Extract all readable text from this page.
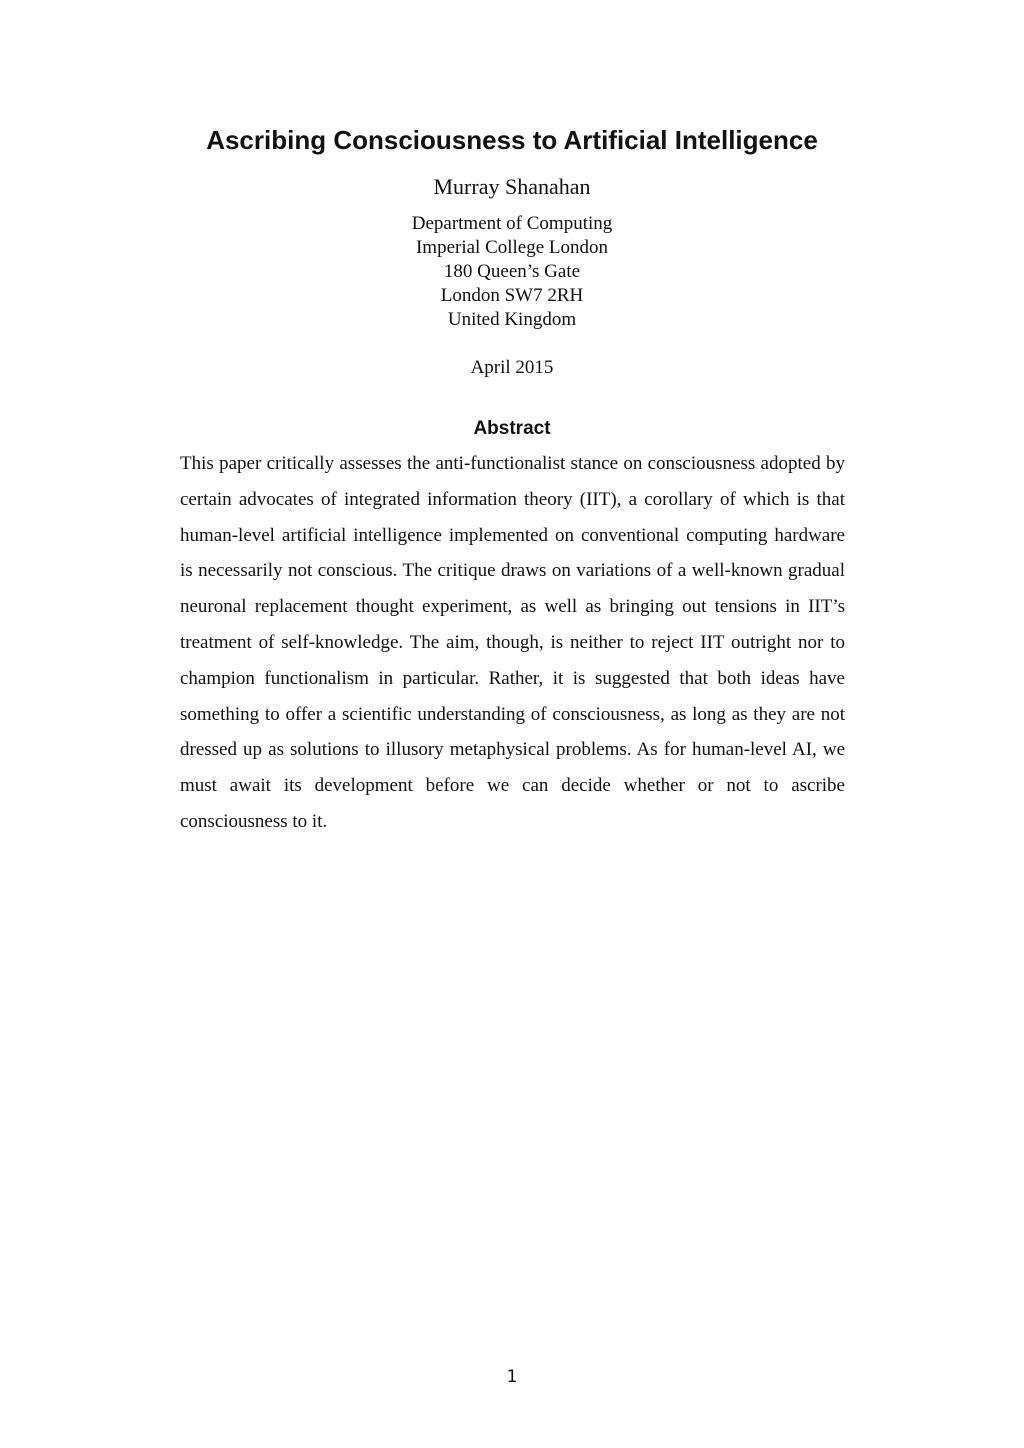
Ascribing Consciousness to Artificial Intelligence
Murray Shanahan
Department of Computing
Imperial College London
180 Queen’s Gate
London SW7 2RH
United Kingdom
April 2015
Abstract

This paper critically assesses the anti-functionalist stance on consciousness adopted by certain advocates of integrated information theory (IIT), a corollary of which is that human-level artificial intelligence implemented on conventional computing hardware is necessarily not conscious. The critique draws on variations of a well-known gradual neuronal replacement thought experiment, as well as bringing out tensions in IIT’s treatment of self-knowledge. The aim, though, is neither to reject IIT outright nor to champion functionalism in particular. Rather, it is suggested that both ideas have something to offer a scientific understanding of consciousness, as long as they are not dressed up as solutions to illusory metaphysical problems. As for human-level AI, we must await its development before we can decide whether or not to ascribe consciousness to it.

1
